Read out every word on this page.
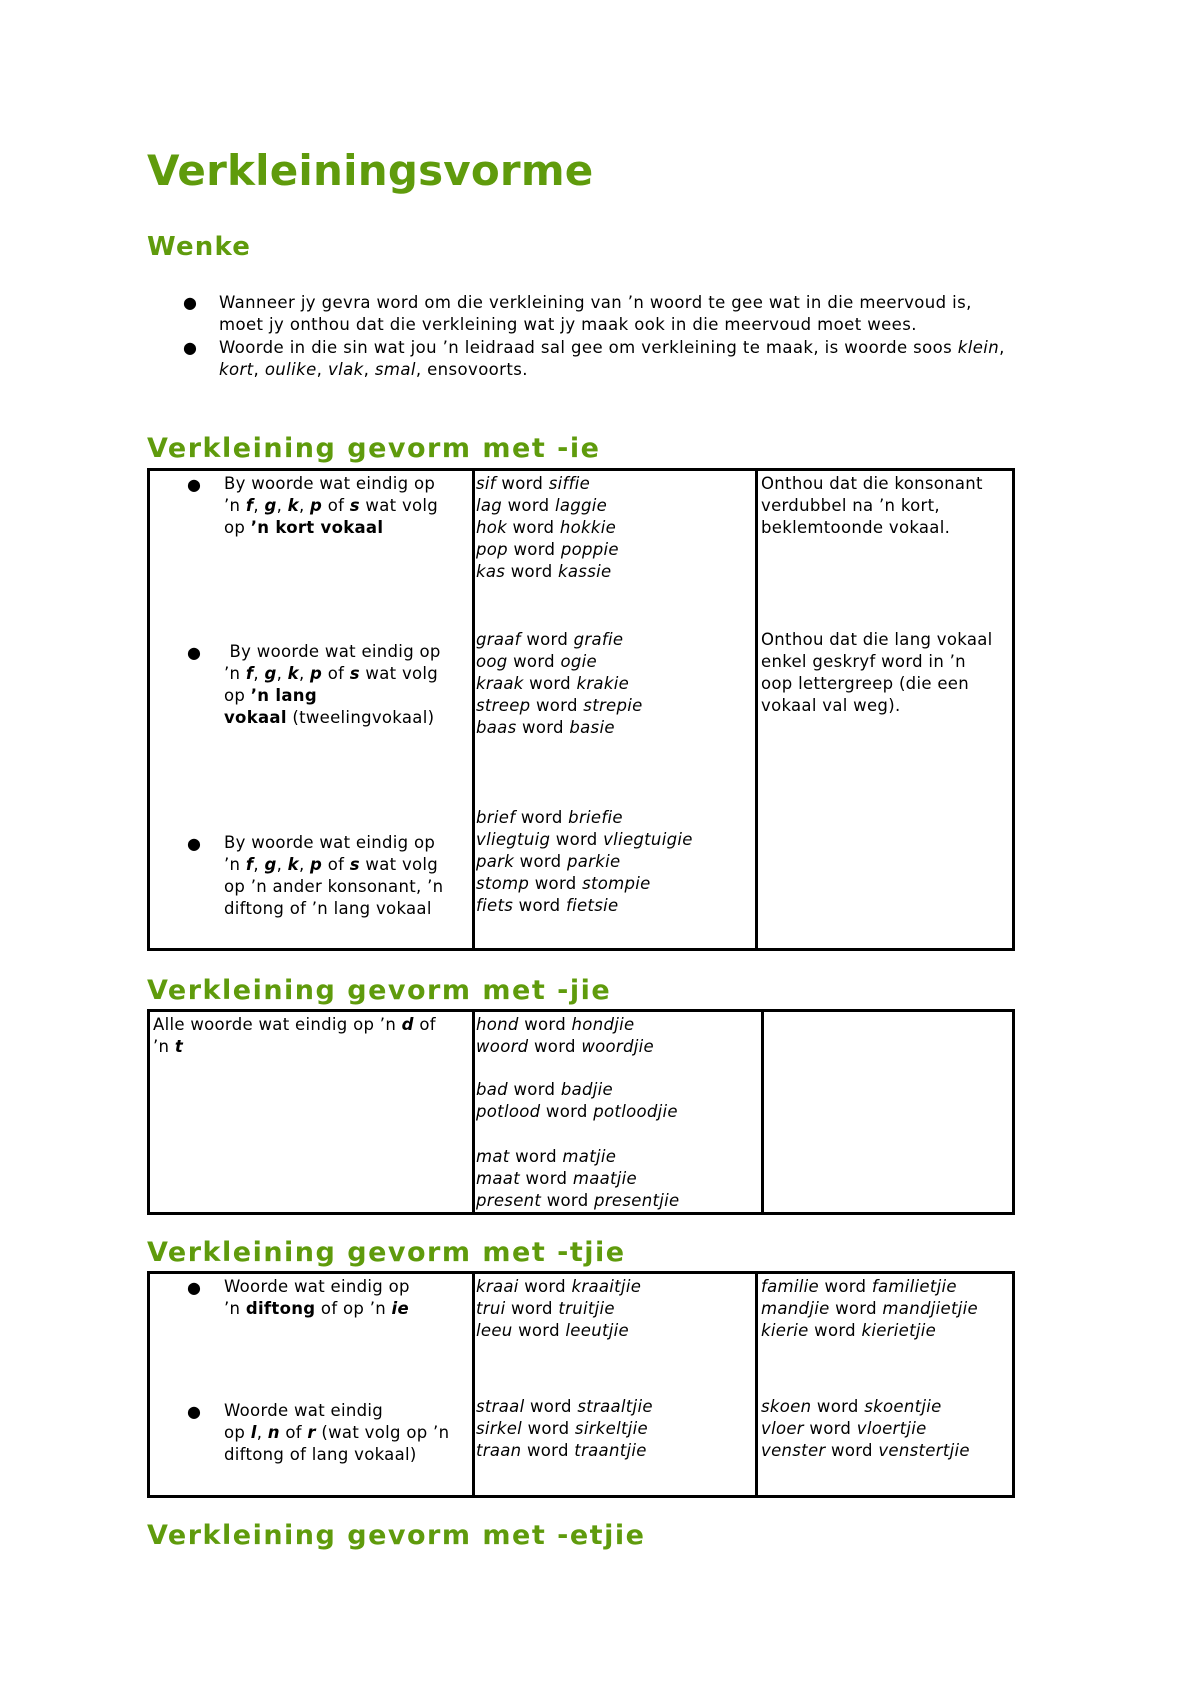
Verkleiningsvorme
Wenke
● Wanneer jy gevra word om die verkleining van ’n woord te gee wat in die meervoud is,
moet jy onthou dat die verkleining wat jy maak ook in die meervoud moet wees.
● Woorde in die sin wat jou ’n leidraad sal gee om verkleining te maak, is woorde soos klein,
kort, oulike, vlak, smal, ensovoorts.
Verkleining gevorm met -ie
● By woorde wat eindig op
’n f, g, k, p of s wat volg
op ’n kort vokaal
sif word siffie
lag word laggie
hok word hokkie
pop word poppie
kas word kassie
Onthou dat die konsonant
verdubbel na ’n kort,
beklemtoonde vokaal.
●	By woorde wat eindig op
’n f, g, k, p of s wat volg
op ’n lang
vokaal (tweelingvokaal)
graaf word grafie
oog word ogie
kraak word krakie
streep word strepie
baas word basie
Onthou dat die lang vokaal
enkel geskryf word in ’n
oop lettergreep (die een
vokaal val weg).
● By woorde wat eindig op
’n f, g, k, p of s wat volg
op ’n ander konsonant, ’n
diftong of ’n lang vokaal
brief word briefie
vliegtuig word vliegtuigie
park word parkie
stomp word stompie
fiets word fietsie
Verkleining gevorm met -jie
Alle woorde wat eindig op ’n d of
’n t
hond word hondjie
woord word woordjie
bad word badjie
potlood word potloodjie
mat word matjie
maat word maatjie
present word presentjie
Verkleining gevorm met -tjie
● Woorde wat eindig op
’n diftong of op ’n ie
kraai word kraaitjie
trui word truitjie
leeu word leeutjie
familie word familietjie
mandjie word mandjietjie
kierie word kierietjie
● Woorde wat eindig
op l, n of r (wat volg op ’n
diftong of lang vokaal)
straal word straaltjie
sirkel word sirkeltjie
traan word traantjie
skoen word skoentjie
vloer word vloertjie
venster word venstertjie
Verkleining gevorm met -etjie
